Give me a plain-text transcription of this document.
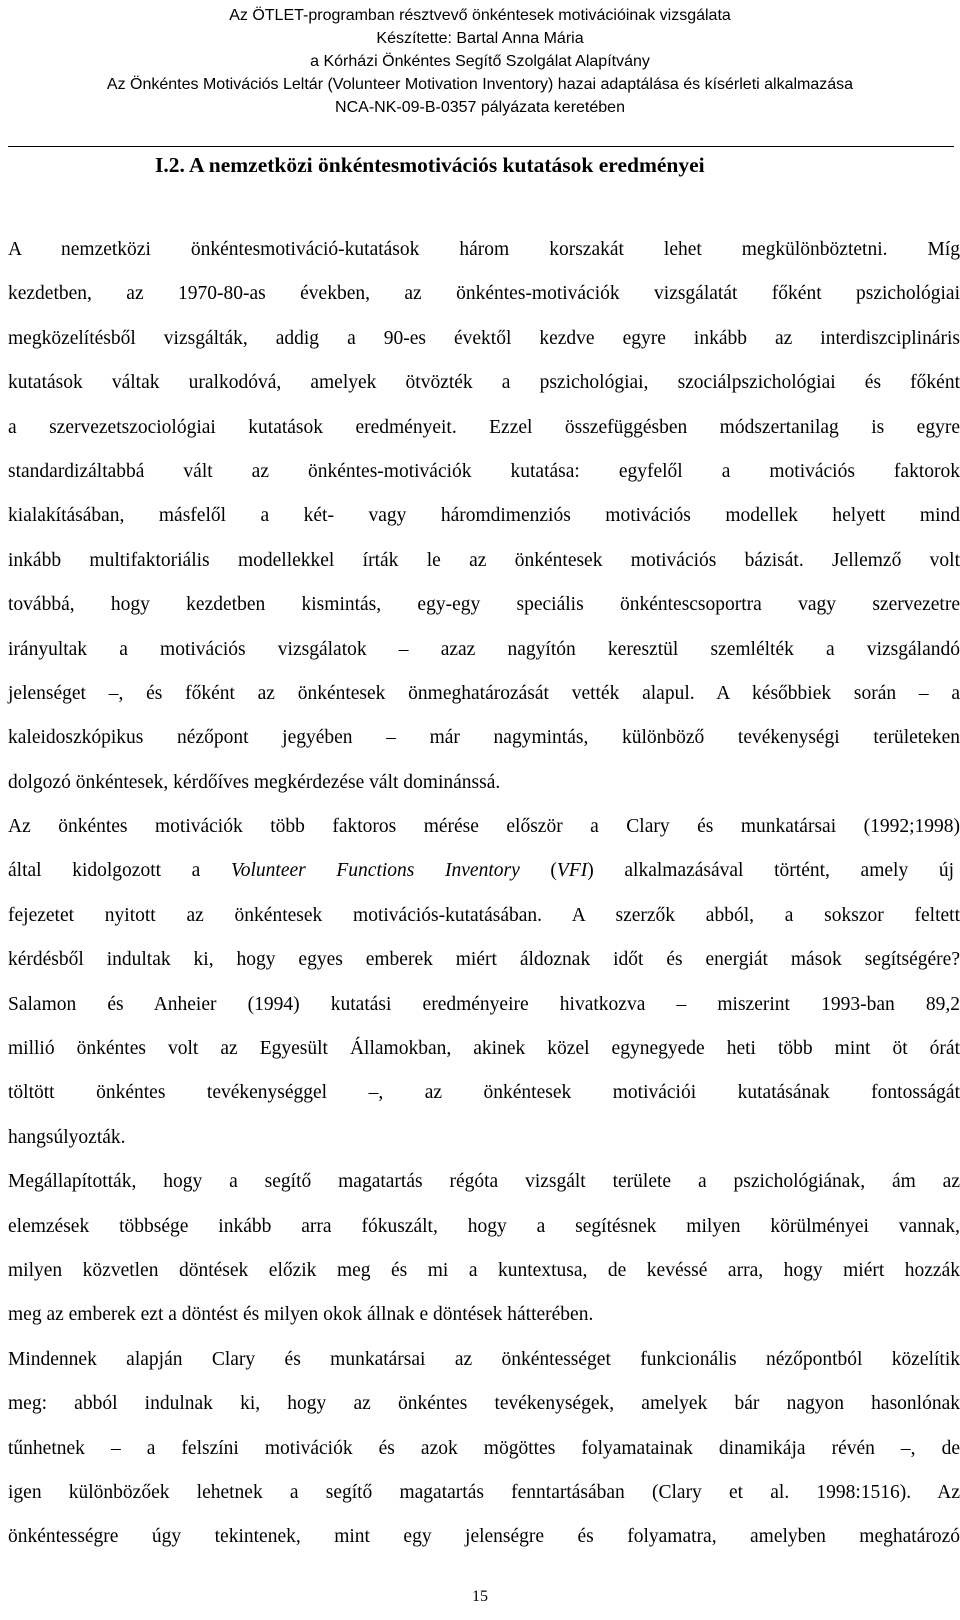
Az ÖTLET-programban résztvevő önkéntesek motivációinak vizsgálata
Készítette: Bartal Anna Mária
a Kórházi Önkéntes Segítő Szolgálat Alapítvány
Az Önkéntes Motivációs Leltár (Volunteer Motivation Inventory) hazai adaptálása és kísérleti alkalmazása
NCA-NK-09-B-0357 pályázata keretében
I.2. A nemzetközi önkéntesmotivációs kutatások eredményei
A nemzetközi önkéntesmotiváció-kutatások három korszakát lehet megkülönböztetni. Míg
kezdetben, az 1970-80-as években, az önkéntes-motivációk vizsgálatát főként pszichológiai
megközelítésből vizsgálták, addig a 90-es évektől kezdve egyre inkább az interdiszciplináris
kutatások váltak uralkodóvá, amelyek ötvözték a pszichológiai, szociálpszichológiai és főként
a szervezetszociológiai kutatások eredményeit. Ezzel összefüggésben módszertanilag is egyre
standardizáltabbá vált az önkéntes-motivációk kutatása: egyfelől a motivációs faktorok
kialakításában, másfelől a két- vagy háromdimenziós motivációs modellek helyett mind
inkább multifaktoriális modellekkel írták le az önkéntesek motivációs bázisát. Jellemző volt
továbbá, hogy kezdetben kismintás, egy-egy speciális önkéntescsoportra vagy szervezetre
irányultak a motivációs vizsgálatok – azaz nagyítón keresztül szemlélték a vizsgálandó
jelenséget –, és főként az önkéntesek önmeghatározását vették alapul. A későbbiek során – a
kaleidoszkópikus nézőpont jegyében – már nagymintás, különböző tevékenységi területeken
dolgozó önkéntesek, kérdőíves megkérdezése vált dominánssá.
Az önkéntes motivációk több faktoros mérése először a Clary és munkatársai (1992;1998)
által kidolgozott a Volunteer Functions Inventory (VFI) alkalmazásával történt, amely új
fejezetet nyitott az önkéntesek motivációs-kutatásában. A szerzők abból, a sokszor feltett
kérdésből indultak ki, hogy egyes emberek miért áldoznak időt és energiát mások segítségére?
Salamon és Anheier (1994) kutatási eredményeire hivatkozva – miszerint 1993-ban 89,2
millió önkéntes volt az Egyesült Államokban, akinek közel egynegyede heti több mint öt órát
töltött önkéntes tevékenységgel –, az önkéntesek motivációi kutatásának fontosságát
hangsúlyozták.
Megállapították, hogy a segítő magatartás régóta vizsgált területe a pszichológiának, ám az
elemzések többsége inkább arra fókuszált, hogy a segítésnek milyen körülményei vannak,
milyen közvetlen döntések előzik meg és mi a kuntextusa, de kevéssé arra, hogy miért hozzák
meg az emberek ezt a döntést és milyen okok állnak e döntések hátterében.
Mindennek alapján Clary és munkatársai az önkéntességet funkcionális nézőpontból közelítik
meg: abból indulnak ki, hogy az önkéntes tevékenységek, amelyek bár nagyon hasonlónak
tűnhetnek – a felszíni motivációk és azok mögöttes folyamatainak dinamikája révén –, de
igen különbözőek lehetnek a segítő magatartás fenntartásában (Clary et al. 1998:1516). Az
önkéntességre úgy tekintenek, mint egy jelenségre és folyamatra, amelyben meghatározó
15
